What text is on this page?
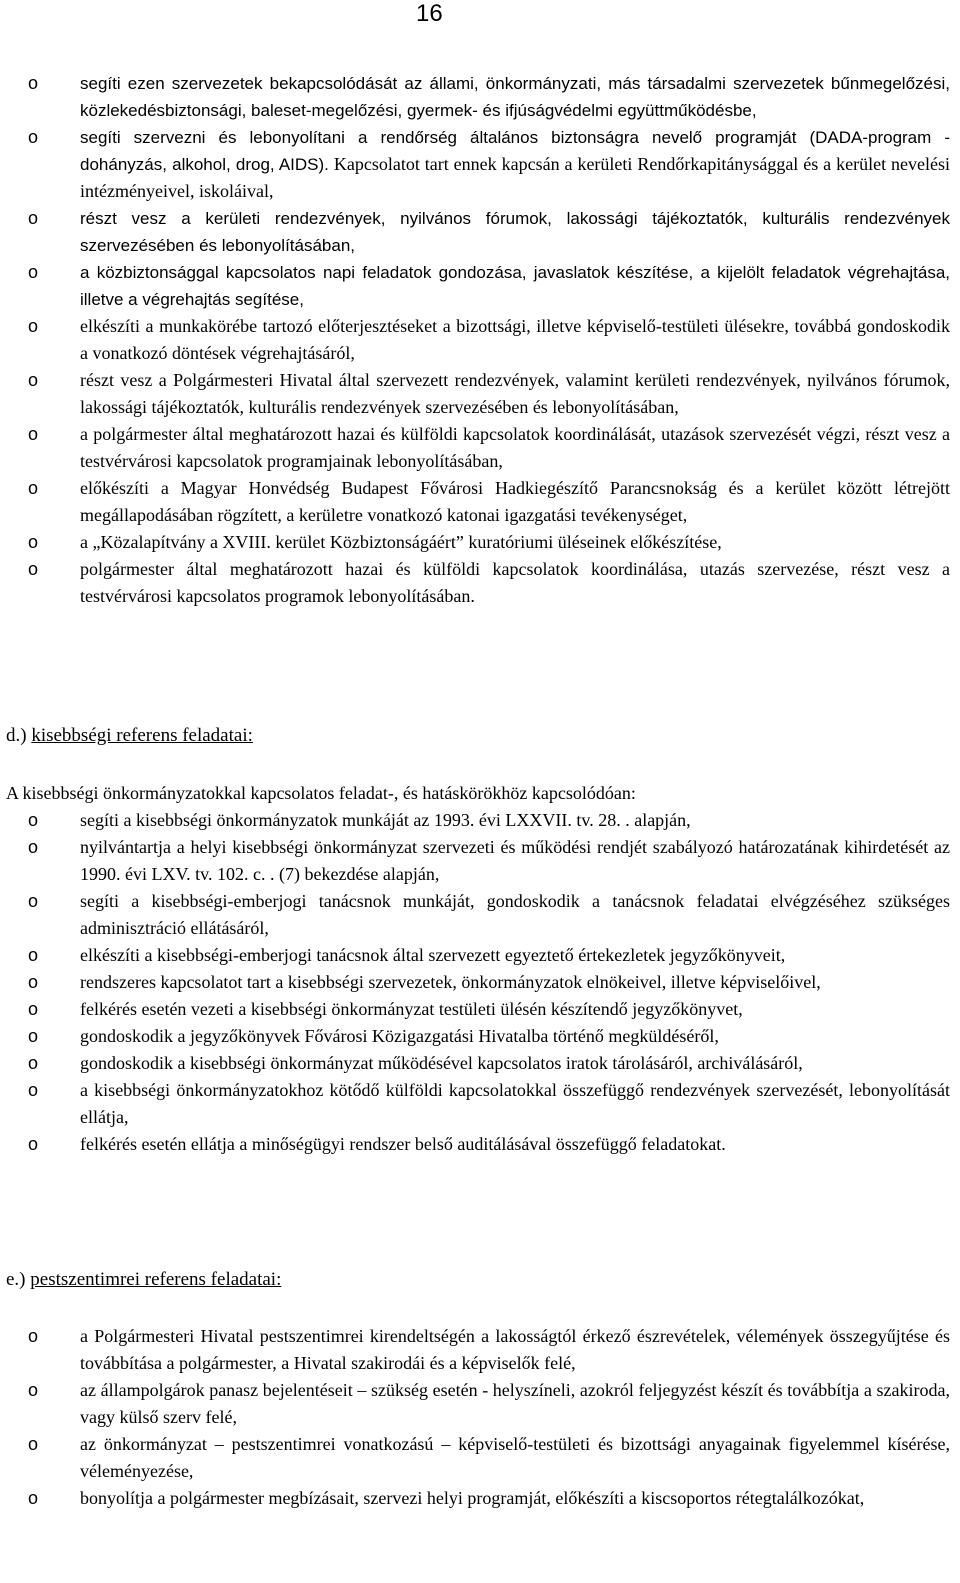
16
o segíti ezen szervezetek bekapcsolódását az állami, önkormányzati, más társadalmi szervezetek bűnmegelőzési, közlekedésbiztonsági, baleset-megelőzési, gyermek- és ifjúságvédelmi együttműködésbe,
o segíti szervezni és lebonyolítani a rendőrség általános biztonságra nevelő programját (DADA-program - dohányzás, alkohol, drog, AIDS). Kapcsolatot tart ennek kapcsán a kerületi Rendőrkapitánysággal és a kerület nevelési intézményeivel, iskoláival,
o részt vesz a kerületi rendezvények, nyilvános fórumok, lakossági tájékoztatók, kulturális rendezvények szervezésében és lebonyolításában,
o a közbiztonsággal kapcsolatos napi feladatok gondozása, javaslatok készítése, a kijelölt feladatok végrehajtása, illetve a végrehajtás segítése,
o elkészíti a munkakörébe tartozó előterjesztéseket a bizottsági, illetve képviselő-testületi ülésekre, továbbá gondoskodik a vonatkozó döntések végrehajtásáról,
o részt vesz a Polgármesteri Hivatal által szervezett rendezvények, valamint kerületi rendezvények, nyilvános fórumok, lakossági tájékoztatók, kulturális rendezvények szervezésében és lebonyolításában,
o a polgármester által meghatározott hazai és külföldi kapcsolatok koordinálását, utazások szervezését végzi, részt vesz a testvérvárosi kapcsolatok programjainak lebonyolításában,
o előkészíti a Magyar Honvédség Budapest Fővárosi Hadkiegészítő Parancsnokság és a kerület között létrejött megállapodásában rögzített, a kerületre vonatkozó katonai igazgatási tevékenységet,
o a „Közalapítvány a XVIII. kerület Közbiztonságáért” kuratóriumi üléseinek előkészítése,
o polgármester által meghatározott hazai és külföldi kapcsolatok koordinálása, utazás szervezése, részt vesz a testvérvárosi kapcsolatos programok lebonyolításában.
d.) kisebbségi referens feladatai:
A kisebbségi önkormányzatokkal kapcsolatos feladat-, és hatáskörökhöz kapcsolódóan:
o segíti a kisebbségi önkormányzatok munkáját az 1993. évi LXXVII. tv. 28. . alapján,
o nyilvántartja a helyi kisebbségi önkormányzat szervezeti és működési rendjét szabályozó határozatának kihirdetését az 1990. évi LXV. tv. 102. c. . (7) bekezdése alapján,
o segíti a kisebbségi-emberjogi tanácsnok munkáját, gondoskodik a tanácsnok feladatai elvégzéséhez szükséges adminisztráció ellátásáról,
o elkészíti a kisebbségi-emberjogi tanácsnok által szervezett egyeztető értekezletek jegyzőkönyveit,
o rendszeres kapcsolatot tart a kisebbségi szervezetek, önkormányzatok elnökeivel, illetve képviselőivel,
o felkérés esetén vezeti a kisebbségi önkormányzat testületi ülésén készítendő jegyzőkönyvet,
o gondoskodik a jegyzőkönyvek Fővárosi Közigazgatási Hivatalba történő megküldéséről,
o gondoskodik a kisebbségi önkormányzat működésével kapcsolatos iratok tárolásáról, archiválásáról,
o a kisebbségi önkormányzatokhoz kötődő külföldi kapcsolatokkal összefüggő rendezvények szervezését, lebonyolítását ellátja,
o felkérés esetén ellátja a minőségügyi rendszer belső auditálásával összefüggő feladatokat.
e.) pestszentimrei referens feladatai:
o a Polgármesteri Hivatal pestszentimrei kirendeltségén a lakosságtól érkező észrevételek, vélemények összegyűjtése és továbbítása a polgármester, a Hivatal szakirodái és a képviselők felé,
o az állampolgárok panasz bejelentéseit – szükség esetén - helyszíneli, azokról feljegyzést készít és továbbítja a szakiroda, vagy külső szerv felé,
o az önkormányzat – pestszentimrei vonatkozású – képviselő-testületi és bizottsági anyagainak figyelemmel kísérése, véleményezése,
o bonyolítja a polgármester megbízásait, szervezi helyi programját, előkészíti a kiscsoportos rétegtalálkozókat,
